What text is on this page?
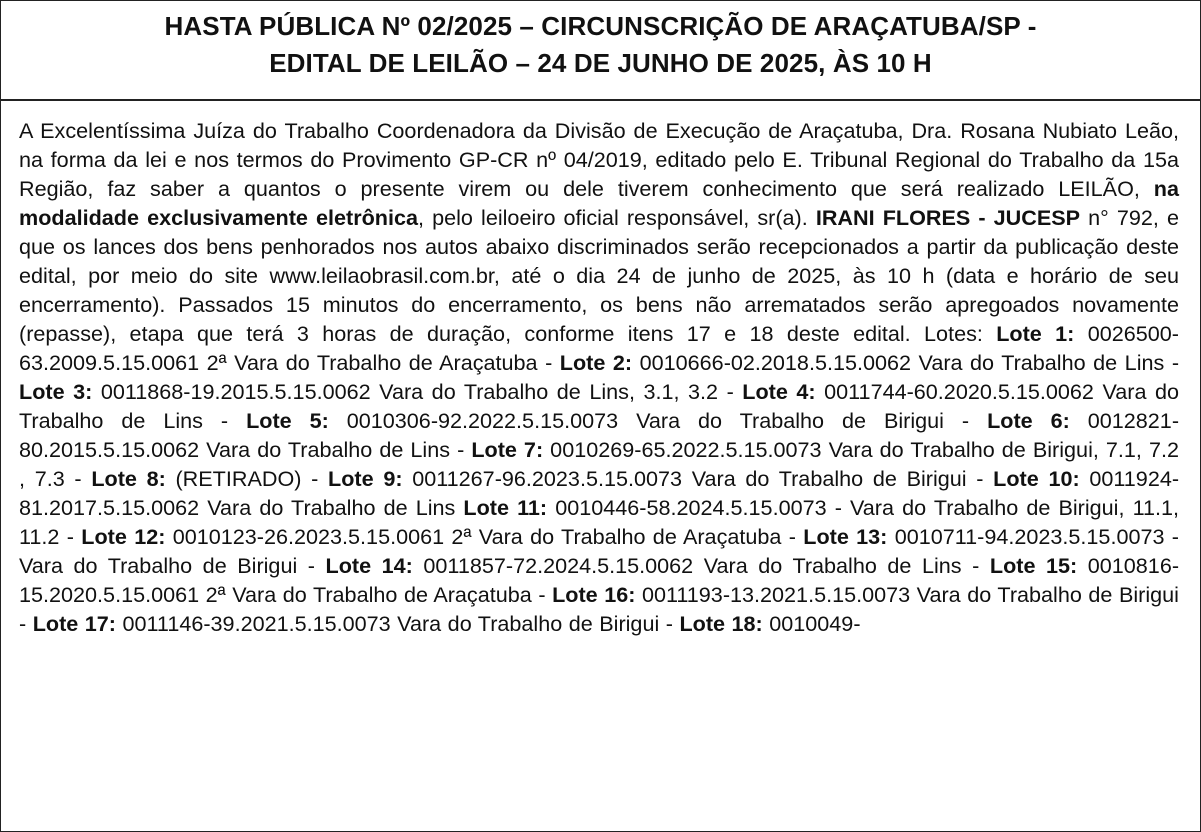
HASTA PÚBLICA Nº 02/2025 – CIRCUNSCRIÇÃO DE ARAÇATUBA/SP -
EDITAL DE LEILÃO – 24 DE JUNHO DE 2025, ÀS 10 H
A Excelentíssima Juíza do Trabalho Coordenadora da Divisão de Execução de Araçatuba, Dra. Rosana Nubiato Leão, na forma da lei e nos termos do Provimento GP-CR nº 04/2019, editado pelo E. Tribunal Regional do Trabalho da 15a Região, faz saber a quantos o presente virem ou dele tiverem conhecimento que será realizado LEILÃO, na modalidade exclusivamente eletrônica, pelo leiloeiro oficial responsável, sr(a). IRANI FLORES - JUCESP n° 792, e que os lances dos bens penhorados nos autos abaixo discriminados serão recepcionados a partir da publicação deste edital, por meio do site www.leilaobrasil.com.br, até o dia 24 de junho de 2025, às 10 h (data e horário de seu encerramento). Passados 15 minutos do encerramento, os bens não arrematados serão apregoados novamente (repasse), etapa que terá 3 horas de duração, conforme itens 17 e 18 deste edital. Lotes: Lote 1: 0026500-63.2009.5.15.0061 2ª Vara do Trabalho de Araçatuba - Lote 2: 0010666-02.2018.5.15.0062 Vara do Trabalho de Lins - Lote 3: 0011868-19.2015.5.15.0062 Vara do Trabalho de Lins, 3.1, 3.2 - Lote 4: 0011744-60.2020.5.15.0062 Vara do Trabalho de Lins - Lote 5: 0010306-92.2022.5.15.0073 Vara do Trabalho de Birigui - Lote 6: 0012821-80.2015.5.15.0062 Vara do Trabalho de Lins - Lote 7: 0010269-65.2022.5.15.0073 Vara do Trabalho de Birigui, 7.1, 7.2 , 7.3 - Lote 8: (RETIRADO) - Lote 9: 0011267-96.2023.5.15.0073 Vara do Trabalho de Birigui - Lote 10: 0011924-81.2017.5.15.0062 Vara do Trabalho de Lins Lote 11: 0010446-58.2024.5.15.0073 - Vara do Trabalho de Birigui, 11.1, 11.2 - Lote 12: 0010123-26.2023.5.15.0061 2ª Vara do Trabalho de Araçatuba - Lote 13: 0010711-94.2023.5.15.0073 - Vara do Trabalho de Birigui - Lote 14: 0011857-72.2024.5.15.0062 Vara do Trabalho de Lins - Lote 15: 0010816-15.2020.5.15.0061 2ª Vara do Trabalho de Araçatuba - Lote 16: 0011193-13.2021.5.15.0073 Vara do Trabalho de Birigui - Lote 17: 0011146-39.2021.5.15.0073 Vara do Trabalho de Birigui - Lote 18: 0010049-
